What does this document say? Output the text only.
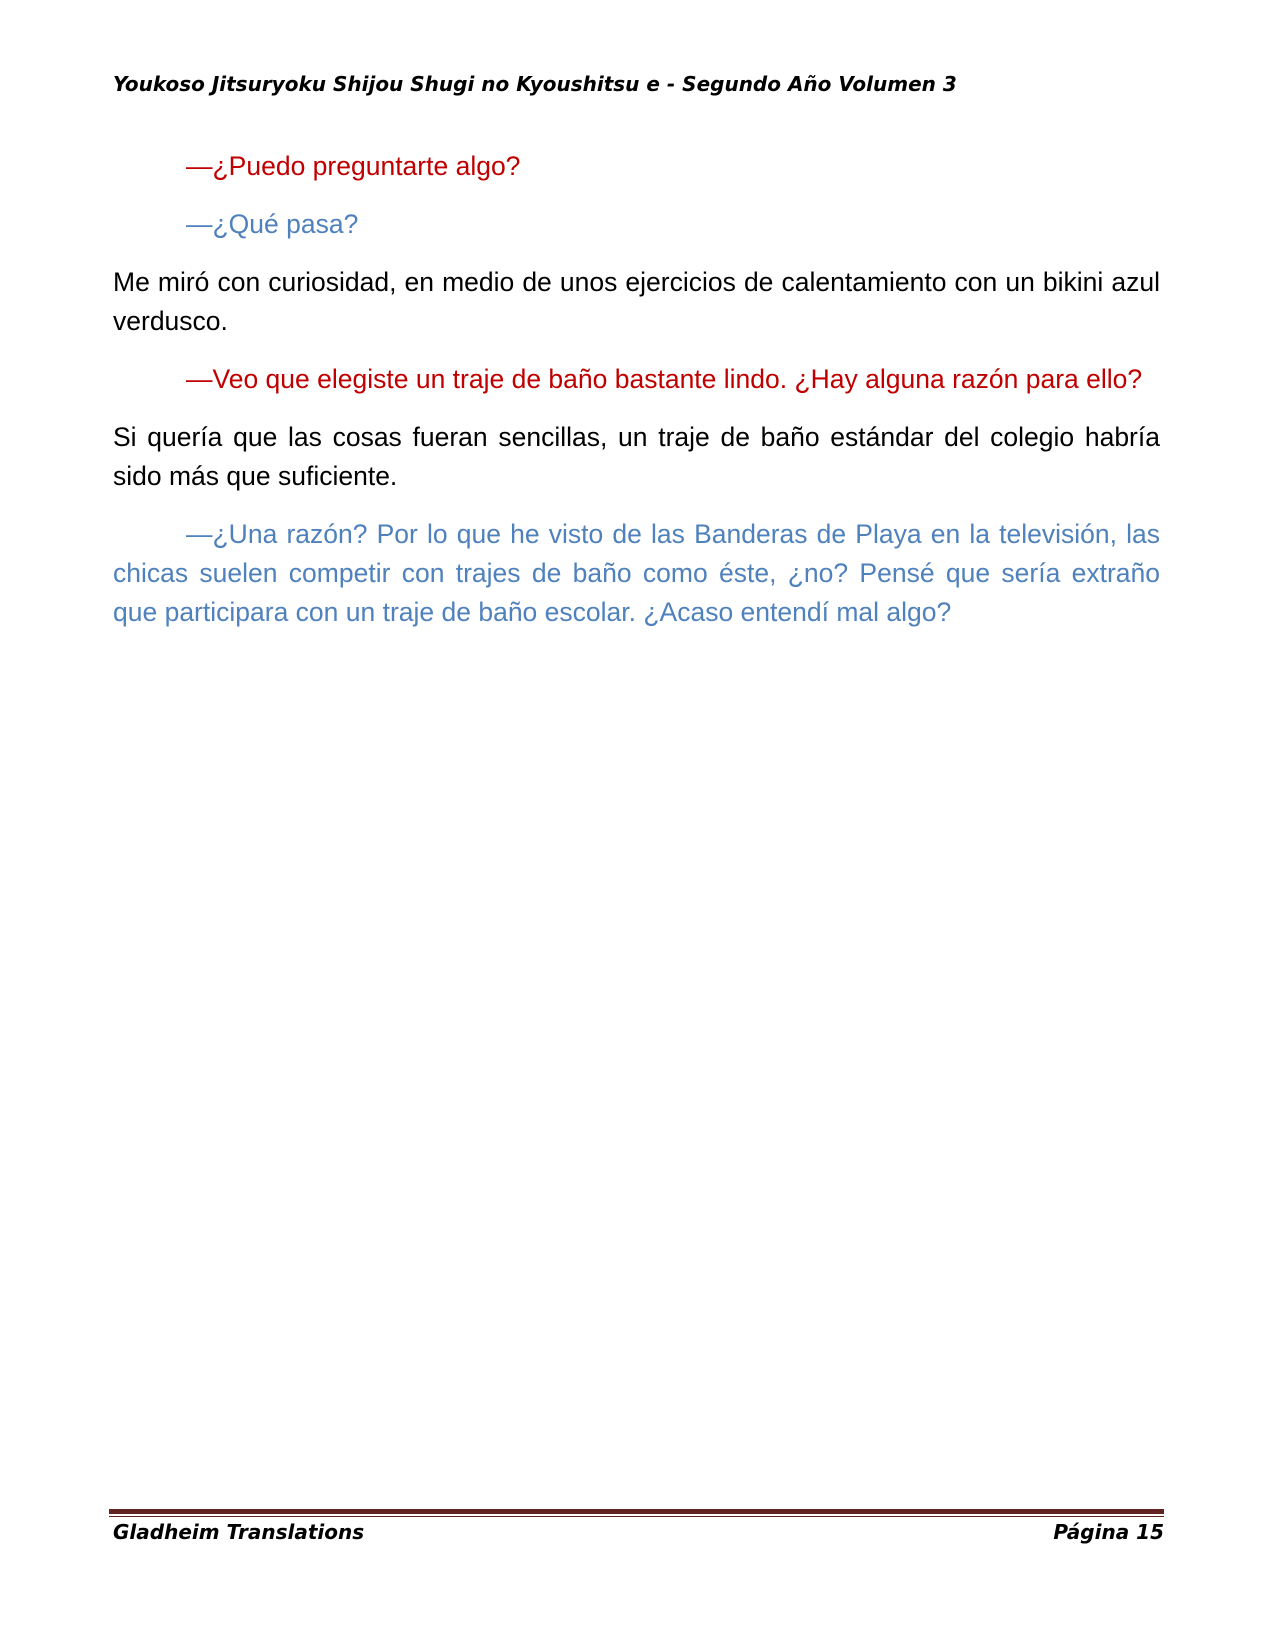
Youkoso Jitsuryoku Shijou Shugi no Kyoushitsu e - Segundo Año Volumen 3

—¿Puedo preguntarte algo?

—¿Qué pasa?

Me miró con curiosidad, en medio de unos ejercicios de calentamiento con un bikini azul verdusco.

—Veo que elegiste un traje de baño bastante lindo. ¿Hay alguna razón para ello?

Si quería que las cosas fueran sencillas, un traje de baño estándar del colegio habría sido más que suficiente.

—¿Una razón? Por lo que he visto de las Banderas de Playa en la televisión, las chicas suelen competir con trajes de baño como éste, ¿no? Pensé que sería extraño que participara con un traje de baño escolar. ¿Acaso entendí mal algo?

Gladheim Translations	Página 15
